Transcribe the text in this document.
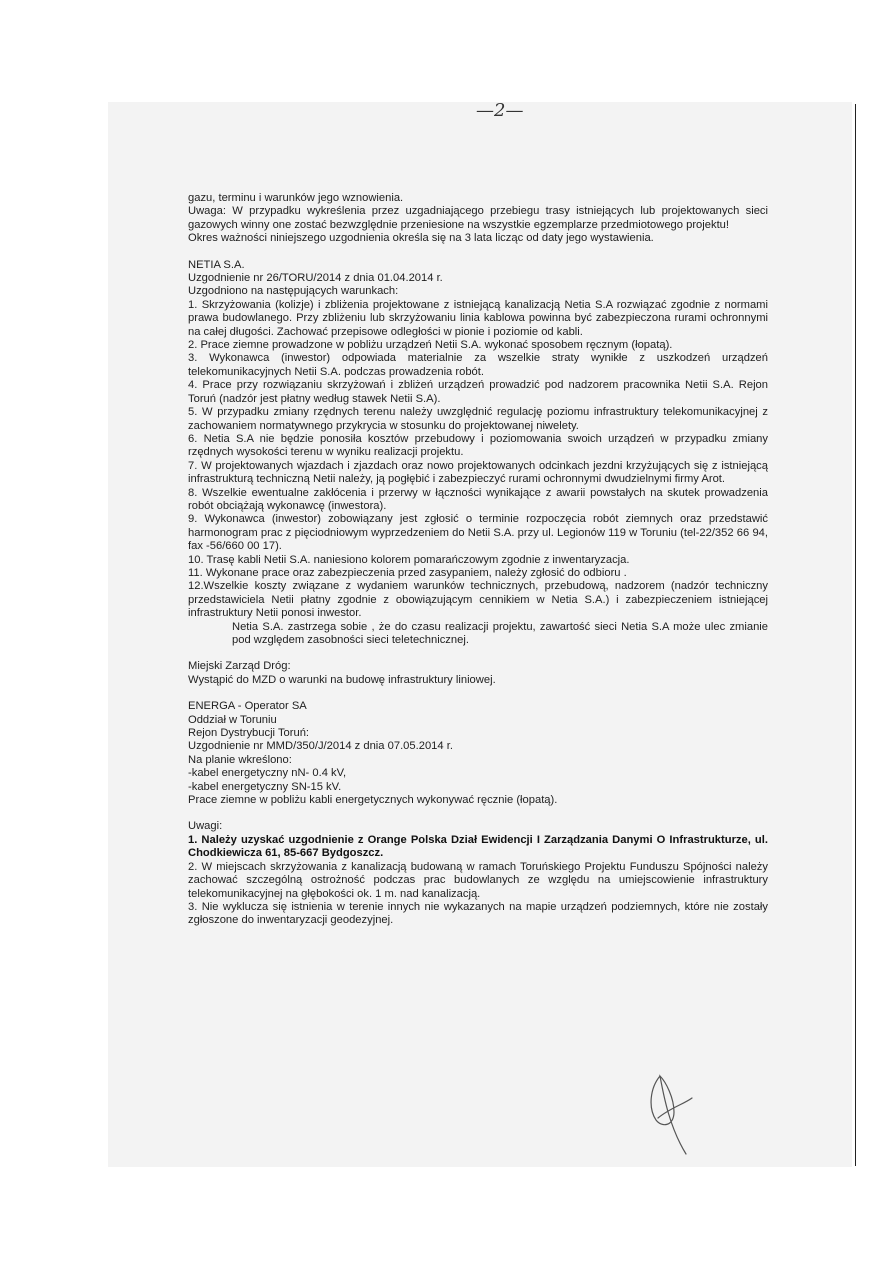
—2—

gazu, terminu i warunków jego wznowienia.

Uwaga: W przypadku wykreślenia przez uzgadniającego przebiegu trasy istniejących lub projektowanych sieci gazowych winny one zostać bezwzględnie przeniesione na wszystkie egzemplarze przedmiotowego projektu!

Okres ważności niniejszego uzgodnienia określa się na 3 lata licząc od daty jego wystawienia.

NETIA S.A.

Uzgodnienie nr 26/TORU/2014 z dnia 01.04.2014 r.

Uzgodniono na następujących warunkach:

1. Skrzyżowania (kolizje) i zbliżenia projektowane z istniejącą kanalizacją Netia S.A rozwiązać zgodnie z normami prawa budowlanego. Przy zbliżeniu lub skrzyżowaniu linia kablowa powinna być zabezpieczona rurami ochronnymi na całej długości. Zachować przepisowe odległości w pionie i poziomie od kabli.

2. Prace ziemne prowadzone w pobliżu urządzeń Netii S.A. wykonać sposobem ręcznym (łopatą).

3. Wykonawca (inwestor) odpowiada materialnie za wszelkie straty wynikłe z uszkodzeń urządzeń telekomunikacyjnych Netii S.A. podczas prowadzenia robót.

4. Prace przy rozwiązaniu skrzyżowań i zbliżeń urządzeń prowadzić pod nadzorem pracownika Netii S.A. Rejon Toruń (nadzór jest płatny według stawek Netii S.A).

5. W przypadku zmiany rzędnych terenu należy uwzględnić regulację poziomu infrastruktury telekomunikacyjnej z zachowaniem normatywnego przykrycia w stosunku do projektowanej niwelety.

6. Netia S.A nie będzie ponosiła kosztów przebudowy i poziomowania swoich urządzeń w przypadku zmiany rzędnych wysokości terenu w wyniku realizacji projektu.

7. W projektowanych wjazdach i zjazdach oraz nowo projektowanych odcinkach jezdni krzyżujących się z istniejącą infrastrukturą techniczną Netii należy, ją pogłębić i zabezpieczyć rurami ochronnymi dwudzielnymi firmy Arot.

8. Wszelkie ewentualne zakłócenia i przerwy w łączności wynikające z awarii powstałych na skutek prowadzenia robót obciążają wykonawcę (inwestora).

9. Wykonawca (inwestor) zobowiązany jest zgłosić o terminie rozpoczęcia robót ziemnych oraz przedstawić harmonogram prac z pięciodniowym wyprzedzeniem do Netii S.A. przy ul. Legionów 119 w Toruniu (tel-22/352 66 94, fax -56/660 00 17).

10. Trasę kabli Netii S.A. naniesiono kolorem pomarańczowym zgodnie z inwentaryzacja.

11. Wykonane prace oraz zabezpieczenia przed zasypaniem, należy zgłosić do odbioru .

12.Wszelkie koszty związane z wydaniem warunków technicznych, przebudową, nadzorem (nadzór techniczny przedstawiciela Netii płatny zgodnie z obowiązującym cennikiem w Netia S.A.) i zabezpieczeniem istniejącej infrastruktury Netii ponosi inwestor.

Netia S.A. zastrzega sobie , że do czasu realizacji projektu, zawartość sieci Netia S.A może ulec zmianie pod względem zasobności sieci teletechnicznej.

Miejski Zarząd Dróg:

Wystąpić do MZD o warunki na budowę infrastruktury liniowej.

ENERGA - Operator SA

Oddział w Toruniu

Rejon Dystrybucji Toruń:

Uzgodnienie nr MMD/350/J/2014 z dnia 07.05.2014 r.

Na planie wkreślono:

-kabel energetyczny nN- 0.4 kV,

-kabel energetyczny SN-15 kV.

Prace ziemne w pobliżu kabli energetycznych wykonywać ręcznie (łopatą).

Uwagi:

1. Należy uzyskać uzgodnienie z Orange Polska Dział Ewidencji I Zarządzania Danymi O Infrastrukturze, ul. Chodkiewicza 61, 85-667 Bydgoszcz.

2. W miejscach skrzyżowania z kanalizacją budowaną w ramach Toruńskiego Projektu Funduszu Spójności należy zachować szczególną ostrożność podczas prac budowlanych ze względu na umiejscowienie infrastruktury telekomunikacyjnej na głębokości ok. 1 m. nad kanalizacją.

3. Nie wyklucza się istnienia w terenie innych nie wykazanych na mapie urządzeń podziemnych, które nie zostały zgłoszone do inwentaryzacji geodezyjnej.
